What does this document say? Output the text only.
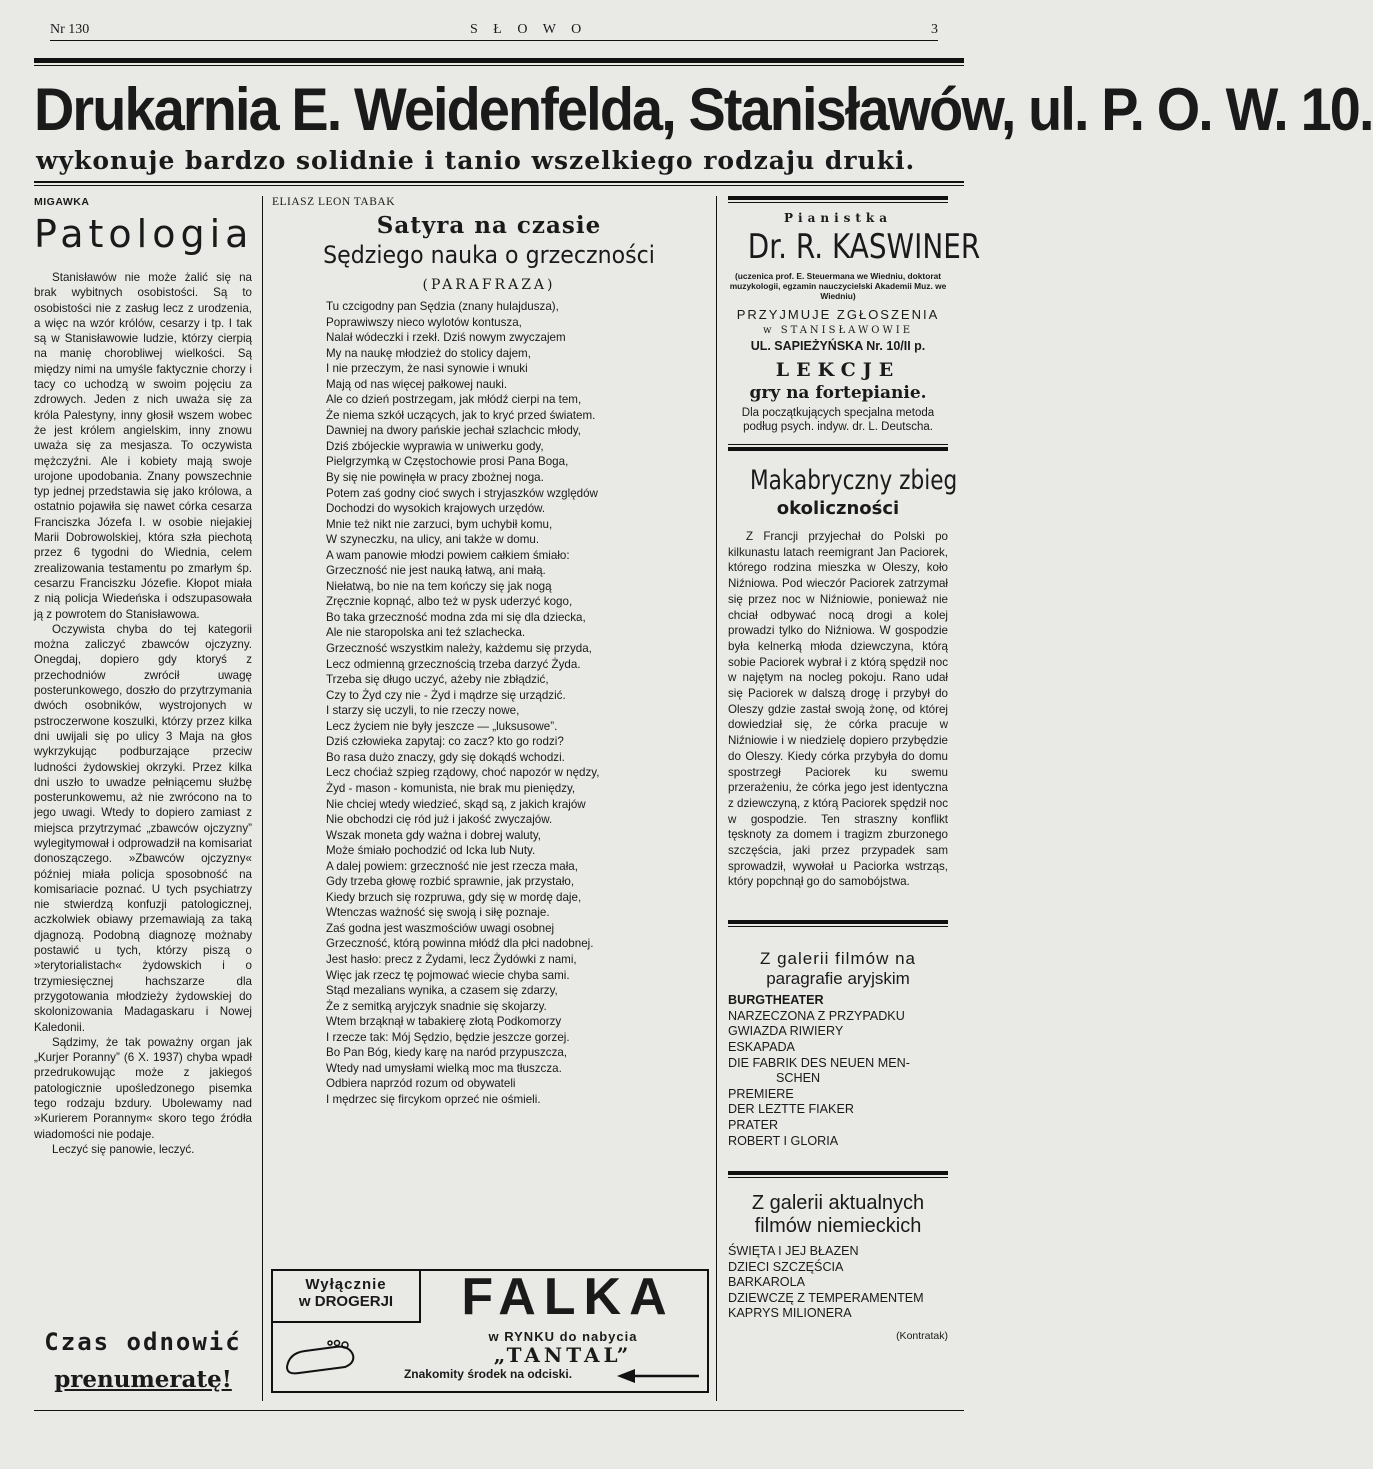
Nr 130	S Ł O W O	3
Drukarnia E. Weidenfelda, Stanisławów, ul. P. O. W. 10.
wykonuje bardzo solidnie i tanio wszelkiego rodzaju druki.
MIGAWKA
Patologia

Stanisławów nie może żalić się na brak wybitnych osobistości. Są to osobistości nie z zasług lecz z urodzenia, a więc na wzór królów, cesarzy i tp. I tak są w Stanisławowie ludzie, którzy cierpią na manię chorobliwej wielkości. Są między nimi na umyśle faktycznie chorzy i tacy co uchodzą w swoim pojęciu za zdrowych. Jeden z nich uważa się za króla Palestyny, inny głosił wszem wobec że jest królem angielskim, inny znowu uważa się za mesjasza. To oczywista mężczyźni. Ale i kobiety mają swoje urojone upodobania. Znany powszechnie typ jednej przedstawia się jako królowa, a ostatnio pojawiła się nawet córka cesarza Franciszka Józefa I. w osobie niejakiej Marii Dobrowolskiej, która szła piechotą przez 6 tygodni do Wiednia, celem zrealizowania testamentu po zmarłym śp. cesarzu Franciszku Józefie. Kłopot miała z nią policja Wiedeńska i odszupasowała ją z powrotem do Stanisławowa.

Oczywista chyba do tej kategorii można zaliczyć zbawców ojczyzny. Onegdaj, dopiero gdy ktoryś z przechodniów zwrócił uwagę posterunkowego, doszło do przytrzymania dwóch osobników, wystrojonych w pstroczerwone koszulki, którzy przez kilka dni uwijali się po ulicy 3 Maja na głos wykrzykując podburzające przeciw ludności żydowskiej okrzyki. Przez kilka dni uszło to uwadze pełniącemu służbę posterunkowemu, aż nie zwrócono na to jego uwagi. Wtedy to dopiero zamiast z miejsca przytrzymać „zbawców ojczyzny” wylegitymował i odprowadził na komisariat donoszączego. »Zbawców ojczyzny« później miała policja sposobność na komisariacie poznać. U tych psychiatrzy nie stwierdzą konfuzji patologicznej, aczkolwiek obiawy przemawiają za taką djagnozą. Podobną diagnozę możnaby postawić u tych, którzy piszą o »terytorialistach« żydowskich i o trzymiesięcznej hachszarze dla przygotowania młodzieży żydowskiej do skolonizowania Madagaskaru i Nowej Kaledonii.

Sądzimy, że tak poważny organ jak „Kurjer Poranny” (6 X. 1937) chyba wpadł przedrukowując może z jakiegoś patologicznie upośledzonego pisemka tego rodzaju bzdury. Ubolewamy nad »Kurierem Porannym« skoro tego źródła wiadomości nie podaje.

Leczyć się panowie, leczyć.

Czas odnowić
prenumeratę!
ELIASZ LEON TABAK
Satyra na czasie
Sędziego nauka o grzeczności
(PARAFRAZA)
Tu czcigodny pan Sędzia (znany hulajdusza),
Poprawiwszy nieco wylotów kontusza,
Nalał wódeczki i rzekł. Dziś nowym zwyczajem
My na naukę młodzież do stolicy dajem,
I nie przeczym, że nasi synowie i wnuki
Mają od nas więcej pałkowej nauki.
Ale co dzień postrzegam, jak młódź cierpi na tem,
Że niema szkół uczących, jak to kryć przed światem.
Dawniej na dwory pańskie jechał szlachcic młody,
Dziś zbójeckie wyprawia w uniwerku gody,
Pielgrzymką w Częstochowie prosi Pana Boga,
By się nie powinęła w pracy zbożnej noga.
Potem zaś godny cioć swych i stryjaszków względów
Dochodzi do wysokich krajowych urzędów.
Mnie też nikt nie zarzuci, bym uchybił komu,
W szyneczku, na ulicy, ani także w domu.
A wam panowie młodzi powiem całkiem śmiało:
Grzeczność nie jest nauką łatwą, ani małą.
Niełatwą, bo nie na tem kończy się jak nogą
Zręcznie kopnąć, albo też w pysk uderzyć kogo,
Bo taka grzeczność modna zda mi się dla dziecka,
Ale nie staropolska ani też szlachecka.
Grzeczność wszystkim należy, każdemu się przyda,
Lecz odmienną grzecznością trzeba darzyć Żyda.
Trzeba się długo uczyć, ażeby nie zbłądzić,
Czy to Żyd czy nie - Żyd i mądrze się urządzić.
I starzy się uczyli, to nie rzeczy nowe,
Lecz życiem nie były jeszcze — „luksusowe”.
Dziś człowieka zapytaj: co zacz? kto go rodzi?
Bo rasa dużo znaczy, gdy się dokądś wchodzi.
Lecz choćiaż szpieg rządowy, choć napozór w nędzy,
Żyd - mason - komunista, nie brak mu pieniędzy,
Nie chciej wtedy wiedzieć, skąd są, z jakich krajów
Nie obchodzi cię ród już i jakość zwyczajów.
Wszak moneta gdy ważna i dobrej waluty,
Może śmiało pochodzić od Icka lub Nuty.
A dalej powiem: grzeczność nie jest rzecza mała,
Gdy trzeba głowę rozbić sprawnie, jak przystało,
Kiedy brzuch się rozpruwa, gdy się w mordę daje,
Wtenczas ważność się swoją i siłę poznaje.
Zaś godna jest waszmościów uwagi osobnej
Grzeczność, którą powinna młódź dla płci nadobnej.
Jest hasło: precz z Żydami, lecz Żydówki z nami,
Więc jak rzecz tę pojmować wiecie chyba sami.
Stąd mezalians wynika, a czasem się zdarzy,
Że z semitką aryjczyk snadnie się skojarzy.
Wtem brząknął w tabakierę złotą Podkomorzy
I rzecze tak: Mój Sędzio, będzie jeszcze gorzej.
Bo Pan Bóg, kiedy karę na naród przypuszcza,
Wtedy nad umysłami wielką moc ma tłuszcza.
Odbiera naprzód rozum od obywateli
I mędrzec się fircykom oprzeć nie ośmieli.
Wyłącznie
w DROGERJI	FALKA
w RYNKU do nabycia
„TANTAL”
Znakomity środek na odciski.
Pianistka
Dr. R. KASWINER
(uczenica prof. E. Steuermana we Wiedniu, doktorat muzykologii, egzamin nauczycielski Akademii Muz. we Wiedniu)
PRZYJMUJE ZGŁOSZENIA
w STANISŁAWOWIE
UL. SAPIEŻYŃSKA Nr. 10/II p.
LEKCJE
gry na fortepianie.
Dla początkujących specjalna metoda podług psych. indyw. dr. L. Deutscha.
Makabryczny zbieg
okoliczności

Z Francji przyjechał do Polski po kilkunastu latach reemigrant Jan Paciorek, którego rodzina mieszka w Oleszy, koło Niźniowa. Pod wieczór Paciorek zatrzymał się przez noc w Niźniowie, ponieważ nie chciał odbywać nocą drogi a kolej prowadzi tylko do Niźniowa. W gospodzie była kelnerką młoda dziewczyna, którą sobie Paciorek wybrał i z którą spędził noc w najętym na nocleg pokoju. Rano udał się Paciorek w dalszą drogę i przybył do Oleszy gdzie zastał swoją żonę, od której dowiedział się, że córka pracuje w Niźniowie i w niedzielę dopiero przybędzie do Oleszy. Kiedy córka przybyła do domu spostrzegł Paciorek ku swemu przerażeniu, że córka jego jest identyczna z dziewczyną, z którą Paciorek spędził noc w gospodzie. Ten straszny konflikt tęsknoty za domem i tragizm zburzonego szczęścia, jaki przez przypadek sam sprowadził, wywołał u Paciorka wstrząs, który popchnął go do samobójstwa.

Z galerii filmów na
paragrafie aryjskim
BURGTHEATER
NARZECZONA Z PRZYPADKU
GWIAZDA RIWIERY
ESKAPADA
DIE FABRIK DES NEUEN MEN-
SCHEN
PREMIERE
DER LEZTTE FIAKER
PRATER
ROBERT I GLORIA
Z galerii aktualnych
filmów niemieckich
ŚWIĘTA I JEJ BŁAZEN
DZIECI SZCZĘŚCIA
BARKAROLA
DZIEWCZĘ Z TEMPERAMENTEM
KAPRYS MILIONERA
(Kontratak)
